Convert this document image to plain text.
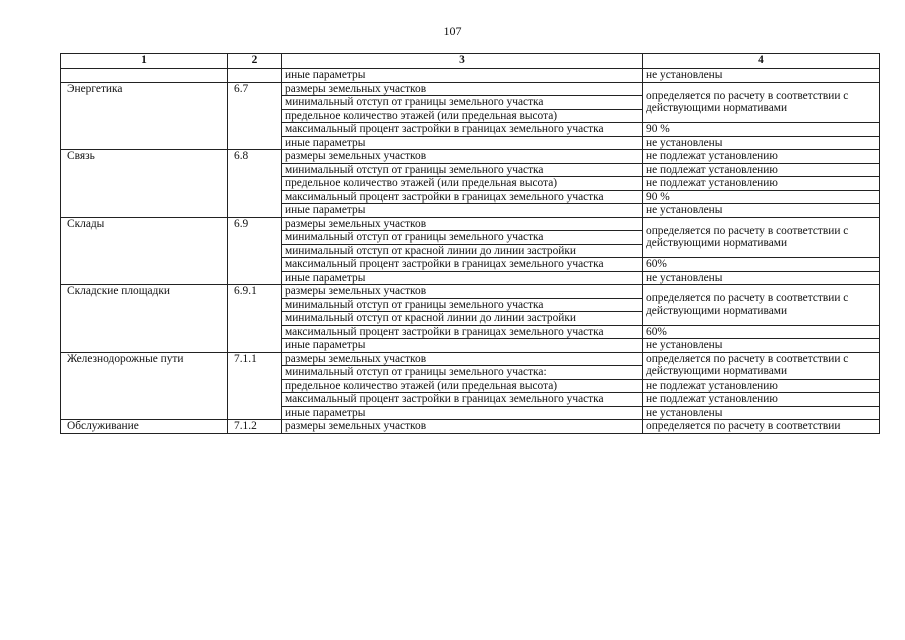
107
1	2	3	4
		иные параметры	не установлены
Энергетика	6.7	размеры земельных участков	определяется по расчету в соответствии с действующими нормативами
		минимальный отступ от границы земельного участка	
		предельное количество этажей (или предельная высота)	
		максимальный процент застройки в границах земельного участка	90 %
		иные параметры	не установлены
Связь	6.8	размеры земельных участков	не подлежат установлению
		минимальный отступ от границы земельного участка	не подлежат установлению
		предельное количество этажей (или предельная высота)	не подлежат установлению
		максимальный процент застройки в границах земельного участка	90 %
		иные параметры	не установлены
Склады	6.9	размеры земельных участков	определяется по расчету в соответствии с действующими нормативами
		минимальный отступ от границы земельного участка	
		минимальный отступ от красной линии до линии застройки	
		максимальный процент застройки в границах земельного участка	60%
		иные параметры	не установлены
Складские площадки	6.9.1	размеры земельных участков	определяется по расчету в соответствии с действующими нормативами
		минимальный отступ от границы земельного участка	
		минимальный отступ от красной линии до линии застройки	
		максимальный процент застройки в границах земельного участка	60%
		иные параметры	не установлены
Железнодорожные пути	7.1.1	размеры земельных участков	определяется по расчету в соответствии с действующими нормативами
		минимальный отступ от границы земельного участка:	
		предельное количество этажей (или предельная высота)	не подлежат установлению
		максимальный процент застройки в границах земельного участка	не подлежат установлению
		иные параметры	не установлены
Обслуживание	7.1.2	размеры земельных участков	определяется по расчету в соответствии
